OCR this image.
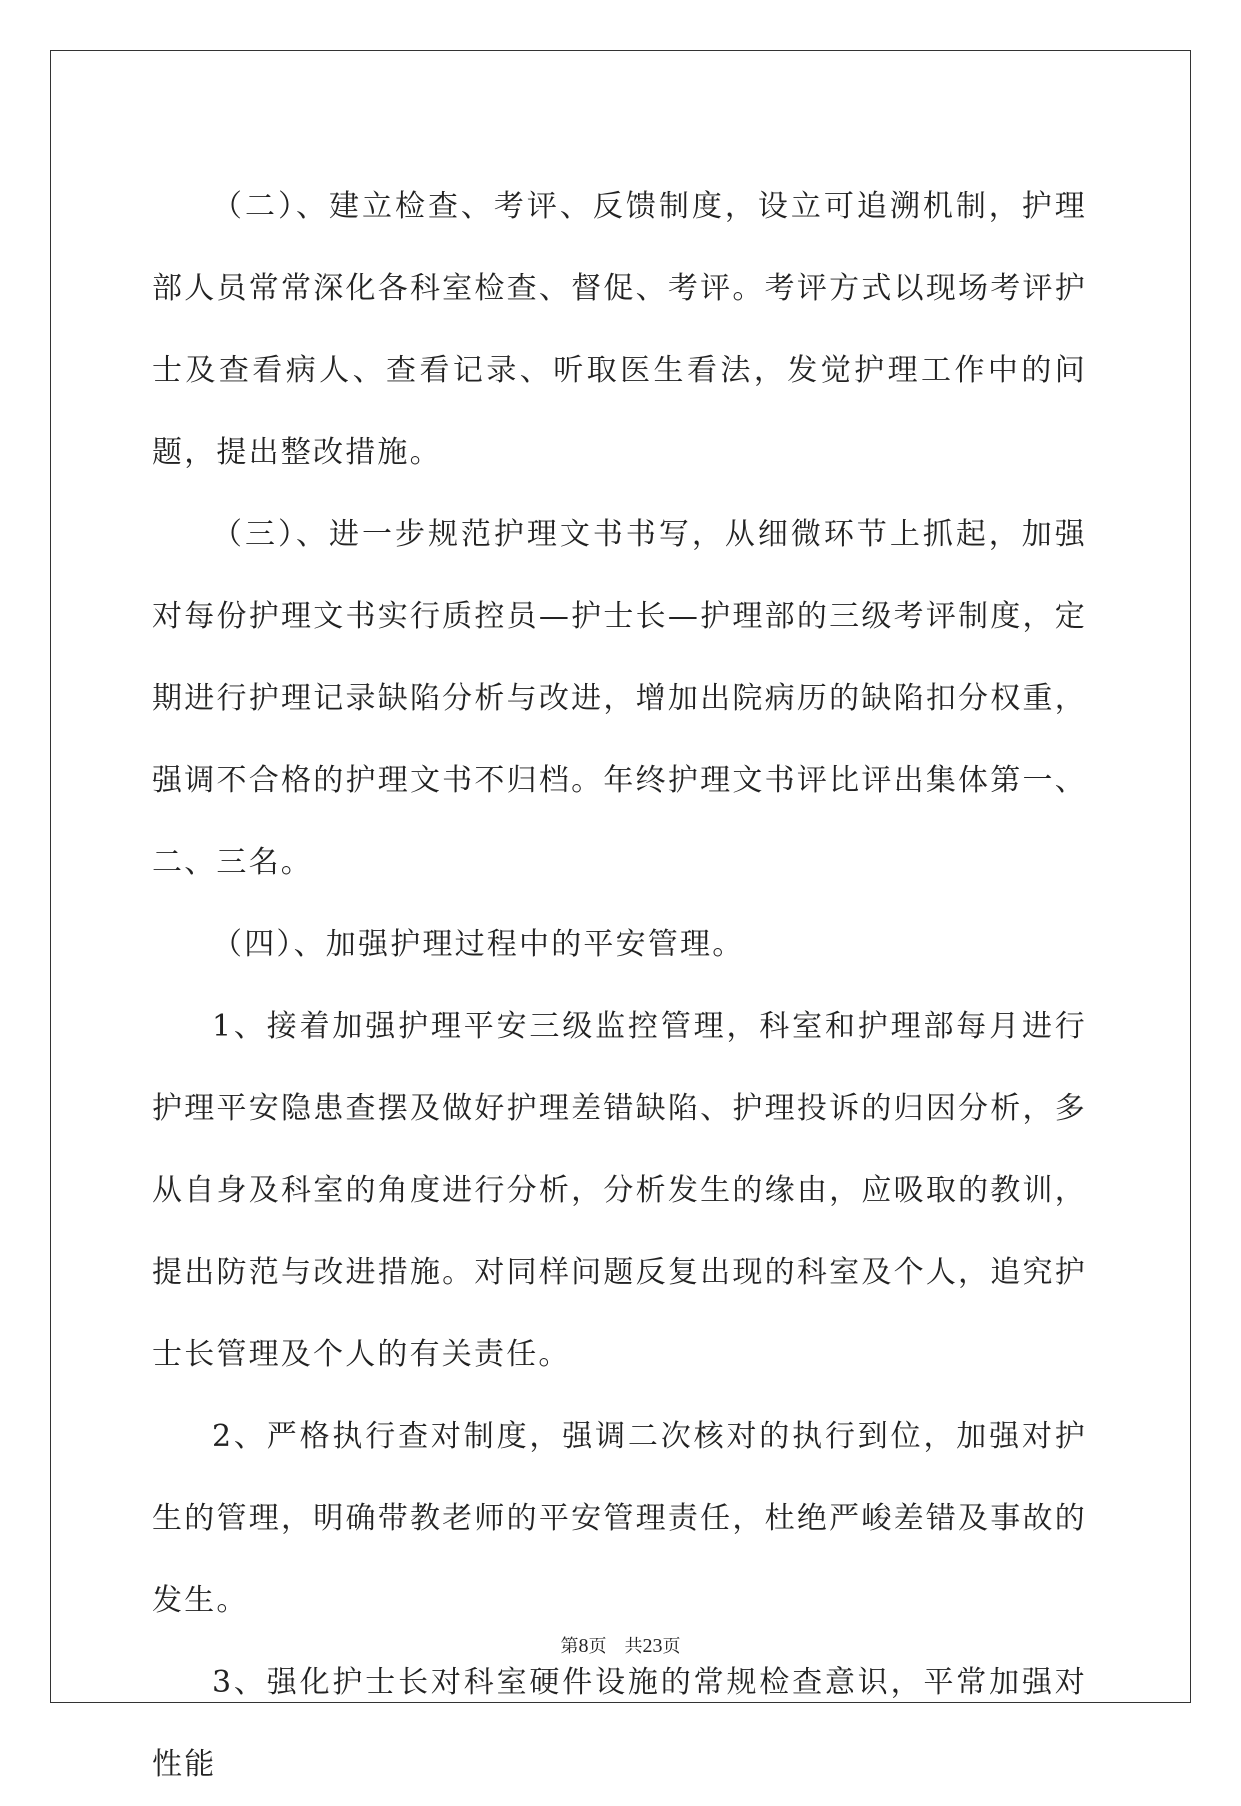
（二）、建立检查、考评、反馈制度，设立可追溯机制，护理部人员常常深化各科室检查、督促、考评。考评方式以现场考评护士及查看病人、查看记录、听取医生看法，发觉护理工作中的问题，提出整改措施。

（三）、进一步规范护理文书书写，从细微环节上抓起，加强对每份护理文书实行质控员—护士长—护理部的三级考评制度，定期进行护理记录缺陷分析与改进，增加出院病历的缺陷扣分权重，强调不合格的护理文书不归档。年终护理文书评比评出集体第一、二、三名。

（四）、加强护理过程中的平安管理。

1、接着加强护理平安三级监控管理，科室和护理部每月进行护理平安隐患查摆及做好护理差错缺陷、护理投诉的归因分析，多从自身及科室的角度进行分析，分析发生的缘由，应吸取的教训，提出防范与改进措施。对同样问题反复出现的科室及个人，追究护士长管理及个人的有关责任。

2、严格执行查对制度，强调二次核对的执行到位，加强对护生的管理，明确带教老师的平安管理责任，杜绝严峻差错及事故的发生。

3、强化护士长对科室硬件设施的常规检查意识，平常加强对性能

第8页 共23页
